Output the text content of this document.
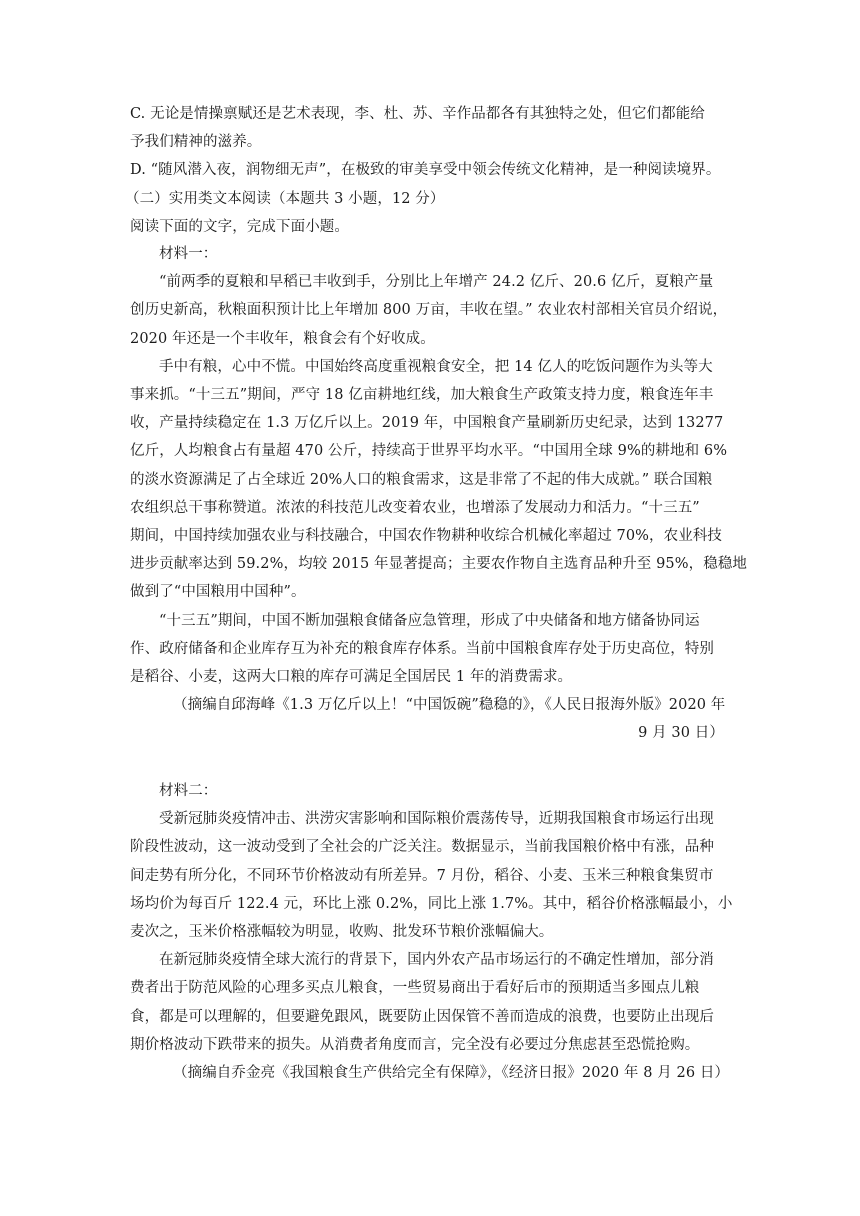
C. 无论是情操禀赋还是艺术表现，李、杜、苏、辛作品都各有其独特之处，但它们都能给
予我们精神的滋养。
D. “随风潜入夜，润物细无声”，在极致的审美享受中领会传统文化精神，是一种阅读境界。
（二）实用类文本阅读（本题共 3 小题，12 分）
阅读下面的文字，完成下面小题。
材料一：
“前两季的夏粮和早稻已丰收到手，分别比上年增产 24.2 亿斤、20.6 亿斤，夏粮产量
创历史新高，秋粮面积预计比上年增加 800 万亩，丰收在望。” 农业农村部相关官员介绍说，
2020 年还是一个丰收年，粮食会有个好收成。
手中有粮，心中不慌。中国始终高度重视粮食安全，把 14 亿人的吃饭问题作为头等大
事来抓。“十三五”期间，严守 18 亿亩耕地红线，加大粮食生产政策支持力度，粮食连年丰
收，产量持续稳定在 1.3 万亿斤以上。2019 年，中国粮食产量刷新历史纪录，达到 13277
亿斤，人均粮食占有量超 470 公斤，持续高于世界平均水平。“中国用全球 9%的耕地和 6%
的淡水资源满足了占全球近 20%人口的粮食需求，这是非常了不起的伟大成就。” 联合国粮
农组织总干事称赞道。浓浓的科技范儿改变着农业，也增添了发展动力和活力。“十三五”
期间，中国持续加强农业与科技融合，中国农作物耕种收综合机械化率超过 70%，农业科技
进步贡献率达到 59.2%，均较 2015 年显著提高；主要农作物自主选育品种升至 95%，稳稳地
做到了“中国粮用中国种”。
“十三五”期间，中国不断加强粮食储备应急管理，形成了中央储备和地方储备协同运
作、政府储备和企业库存互为补充的粮食库存体系。当前中国粮食库存处于历史高位，特别
是稻谷、小麦，这两大口粮的库存可满足全国居民 1 年的消费需求。
（摘编自邱海峰《1.3 万亿斤以上！“中国饭碗”稳稳的》，《人民日报海外版》2020 年
9 月 30 日）
材料二：
受新冠肺炎疫情冲击、洪涝灾害影响和国际粮价震荡传导，近期我国粮食市场运行出现
阶段性波动，这一波动受到了全社会的广泛关注。数据显示，当前我国粮价格中有涨，品种
间走势有所分化，不同环节价格波动有所差异。7 月份，稻谷、小麦、玉米三种粮食集贸市
场均价为每百斤 122.4 元，环比上涨 0.2%，同比上涨 1.7%。其中，稻谷价格涨幅最小，小
麦次之，玉米价格涨幅较为明显，收购、批发环节粮价涨幅偏大。
在新冠肺炎疫情全球大流行的背景下，国内外农产品市场运行的不确定性增加，部分消
费者出于防范风险的心理多买点儿粮食，一些贸易商出于看好后市的预期适当多囤点儿粮
食，都是可以理解的，但要避免跟风，既要防止因保管不善而造成的浪费，也要防止出现后
期价格波动下跌带来的损失。从消费者角度而言，完全没有必要过分焦虑甚至恐慌抢购。
（摘编自乔金亮《我国粮食生产供给完全有保障》，《经济日报》2020 年 8 月 26 日）
